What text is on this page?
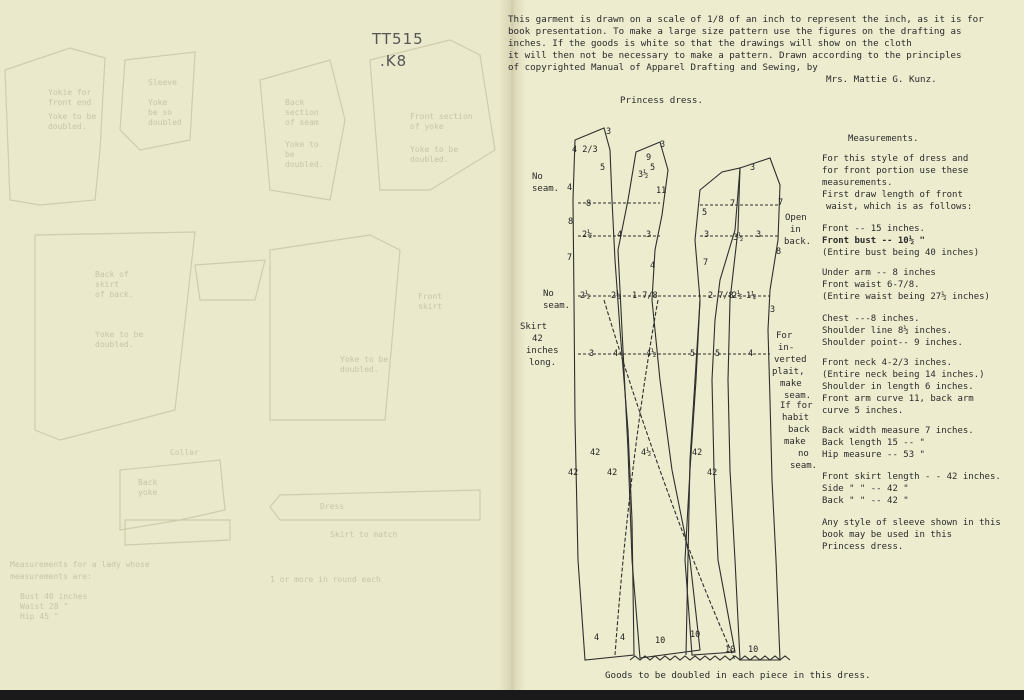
Yokie for
front end
Yoke to be
doubled.
Sleeve
Yoke
be so
doubled
Back
section
of seam
Yoke to
be
doubled.
Front section
of yoke
Yoke to be
doubled.
Back of
skirt
of back.
Yoke to be
doubled.
Front
skirt
Yoke to be
doubled.
Collar
Back
yoke
Dress
Skirt to match
Measurements for a lady whose
measurements are:
Bust 40 inches
Waist 28 "
Hip 45 "
1 or more in round each
TT515
.K8
This garment is drawn on a scale of 1/8 of an inch to represent the inch, as it is for
book presentation. To make a large size pattern use the figures on the drafting as
inches. If the goods is white so that the drawings will show on the cloth
it will then not be necessary to make a pattern. Drawn according to the principles
of copyrighted Manual of Apparel Drafting and Sewing, by
Mrs. Mattie G. Kunz.
Princess dress.
3
3
3
4 2/3
5
3½
9
5
11
4
8
5
7	7
8
2½	4	3	3	3½ 3
8
7	7
4
2½ 2½ 1 7/8	2 7/8
2½ 1¼
3
3 4	4½	5 5	4
42	4½	42
42	42	42
4 4	10
10
10 10
No
seam.
No
seam.
Skirt
42
inches
long.
Open
in
back.
For
in-
verted
plait,
make
seam.
If for
habit
back
make
no
seam.
Measurements.
For this style of dress and
for front portion use these
measurements.
First draw length of front
waist, which is as follows:
Front -- 15 inches.
Front bust -- 10½ "
(Entire bust being 40 inches)
Under arm -- 8 inches
Front waist 6-7/8.
(Entire waist being 27½ inches)
Chest ---8 inches.
Shoulder line 8½ inches.
Shoulder point-- 9 inches.
Front neck 4-2/3 inches.
(Entire neck being 14 inches.)
Shoulder in length 6 inches.
Front arm curve 11, back arm
curve 5 inches.
Back width measure 7 inches.
Back length 15 -- "
Hip measure -- 53 "
Front skirt length - - 42 inches.
Side " " -- 42 "
Back " " -- 42 "
Any style of sleeve shown in this
book may be used in this
Princess dress.
Goods to be doubled in each piece in this dress.
